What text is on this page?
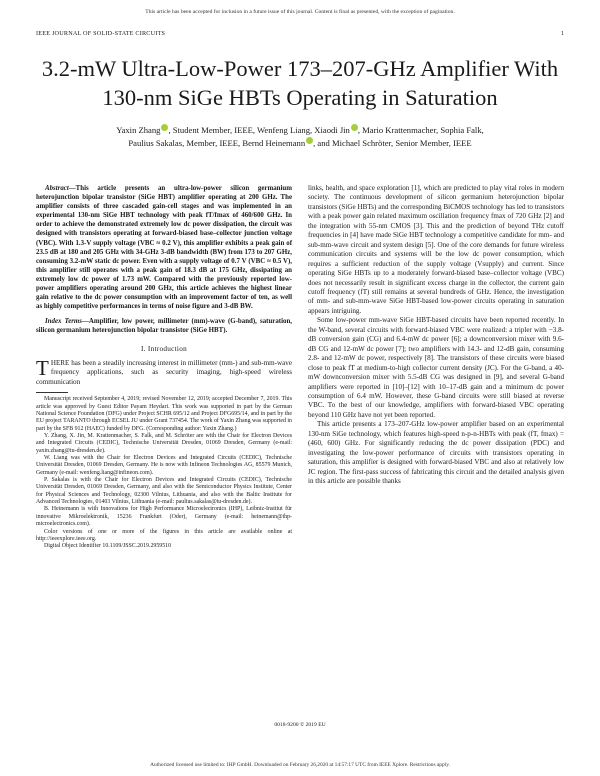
This article has been accepted for inclusion in a future issue of this journal. Content is final as presented, with the exception of pagination.
IEEE JOURNAL OF SOLID-STATE CIRCUITS	1
3.2-mW Ultra-Low-Power 173–207-GHz Amplifier With 130-nm SiGe HBTs Operating in Saturation
Yaxin Zhang , Student Member, IEEE, Wenfeng Liang, Xiaodi Jin , Mario Krattenmacher, Sophia Falk,
Paulius Sakalas, Member, IEEE, Bernd Heinemann , and Michael Schröter, Senior Member, IEEE

Abstract—This article presents an ultra-low-power silicon germanium heterojunction bipolar transistor (SiGe HBT) amplifier operating at 200 GHz. The amplifier consists of three cascaded gain-cell stages and was implemented in an experimental 130-nm SiGe HBT technology with peak fT/fmax of 460/600 GHz. In order to achieve the demonstrated extremely low dc power dissipation, the circuit was designed with transistors operating at forward-biased base–collector junction voltage (VBC). With 1.3-V supply voltage (VBC ≈ 0.2 V), this amplifier exhibits a peak gain of 23.5 dB at 180 and 205 GHz with 34-GHz 3-dB bandwidth (BW) from 173 to 207 GHz, consuming 3.2-mW static dc power. Even with a supply voltage of 0.7 V (VBC ≈ 0.5 V), this amplifier still operates with a peak gain of 18.3 dB at 175 GHz, dissipating an extremely low dc power of 1.73 mW. Compared with the previously reported low-power amplifiers operating around 200 GHz, this article achieves the highest linear gain relative to the dc power consumption with an improvement factor of ten, as well as highly competitive performances in terms of noise figure and 3-dB BW.

Index Terms—Amplifier, low power, millimeter (mm)-wave (G-band), saturation, silicon germanium heterojunction bipolar transistor (SiGe HBT).

I. Introduction

THERE has been a steadily increasing interest in millimeter (mm-) and sub-mm-wave frequency applications, such as security imaging, high-speed wireless communication

Manuscript received September 4, 2019; revised November 12, 2019; accepted December 7, 2019. This article was approved by Guest Editor Payam Heydari. This work was supported in part by the German National Science Foundation (DFG) under Project SCHR 695/12 and Project DFG695/14, and in part by the EU project TARANTO through ECSEL JU under Grant 737454. The work of Yaxin Zhang was supported in part by the SFB 912 (HAEC) funded by DFG. (Corresponding author: Yaxin Zhang.)

Y. Zhang, X. Jin, M. Krattenmacher, S. Falk, and M. Schröter are with the Chair for Electron Devices and Integrated Circuits (CEDIC), Technische Universität Dresden, 01069 Dresden, Germany (e-mail: yaxin.zhang@tu-dresden.de).

W. Liang was with the Chair for Electron Devices and Integrated Circuits (CEDIC), Technische Universität Dresden, 01069 Dresden, Germany. He is now with Infineon Technologies AG, 85579 Munich, Germany (e-mail: wenfeng.liang@infineon.com).

P. Sakalas is with the Chair for Electron Devices and Integrated Circuits (CEDIC), Technische Universität Dresden, 01069 Dresden, Germany, and also with the Semiconductor Physics Institute, Center for Physical Sciences and Technology, 02300 Vilnius, Lithuania, and also with the Baltic Institute for Advanced Technologies, 01403 Vilnius, Lithuania (e-mail: paulius.sakalas@tu-dresden.de).

B. Heinemann is with Innovations for High Performance Microelectronics (IHP), Leibniz-Institut für innovative Mikroelektronik, 15236 Frankfurt (Oder), Germany (e-mail: heinemann@ihp-microelectronics.com).

Color versions of one or more of the figures in this article are available online at http://ieeexplore.ieee.org.

Digital Object Identifier 10.1109/JSSC.2019.2959510

links, health, and space exploration [1], which are predicted to play vital roles in modern society. The continuous development of silicon germanium heterojunction bipolar transistors (SiGe HBTs) and the corresponding BiCMOS technology has led to transistors with a peak power gain related maximum oscillation frequency fmax of 720 GHz [2] and the integration with 55-nm CMOS [3]. This and the prediction of beyond THz cutoff frequencies in [4] have made SiGe HBT technology a competitive candidate for mm- and sub-mm-wave circuit and system design [5]. One of the core demands for future wireless communication circuits and systems will be the low dc power consumption, which requires a sufficient reduction of the supply voltage (Vsupply) and current. Since operating SiGe HBTs up to a moderately forward-biased base–collector voltage (VBC) does not necessarily result in significant excess charge in the collector, the current gain cutoff frequency (fT) still remains at several hundreds of GHz. Hence, the investigation of mm- and sub-mm-wave SiGe HBT-based low-power circuits operating in saturation appears intriguing.

Some low-power mm-wave SiGe HBT-based circuits have been reported recently. In the W-band, several circuits with forward-biased VBC were realized: a tripler with −3.8-dB conversion gain (CG) and 6.4-mW dc power [6]; a downconversion mixer with 9.6-dB CG and 12-mW dc power [7]; two amplifiers with 14.3- and 12-dB gain, consuming 2.8- and 12-mW dc power, respectively [8]. The transistors of these circuits were biased close to peak fT at medium-to-high collector current density (JC). For the G-band, a 40-mW downconversion mixer with 5.5-dB CG was designed in [9], and several G-band amplifiers were reported in [10]–[12] with 10–17-dB gain and a minimum dc power consumption of 6.4 mW. However, these G-band circuits were still biased at reverse VBC. To the best of our knowledge, amplifiers with forward-biased VBC operating beyond 110 GHz have not yet been reported.

This article presents a 173–207-GHz low-power amplifier based on an experimental 130-nm SiGe technology, which features high-speed n-p-n-HBTs with peak (fT, fmax) = (460, 600) GHz. For significantly reducing the dc power dissipation (PDC) and investigating the low-power performance of circuits with transistors operating in saturation, this amplifier is designed with forward-biased VBC and also at relatively low JC region. The first-pass success of fabricating this circuit and the detailed analysis given in this article are possible thanks

0018-9200 © 2019 EU
Authorized licensed use limited to: IHP GmbH. Downloaded on February 26,2020 at 14:57:17 UTC from IEEE Xplore. Restrictions apply.
